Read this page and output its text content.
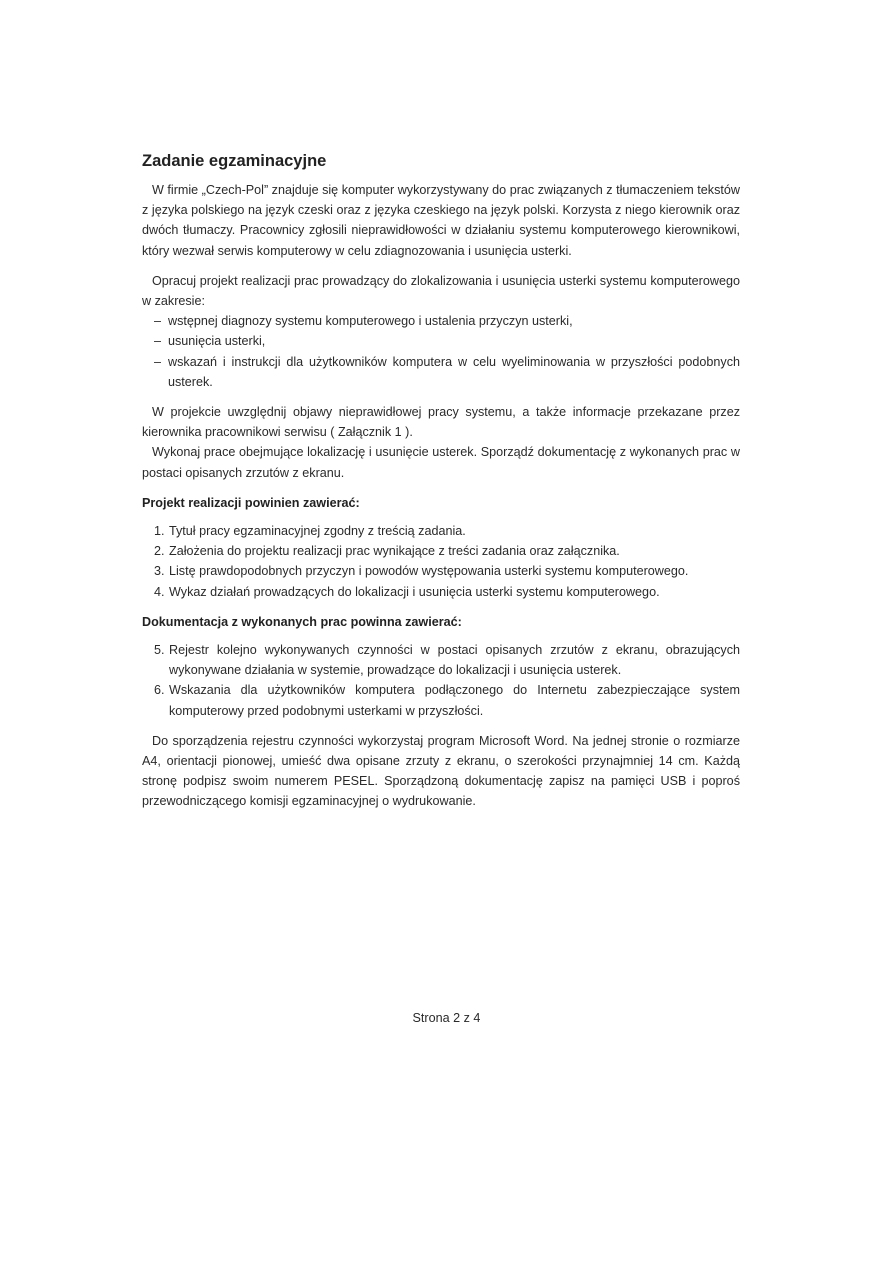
Zadanie egzaminacyjne

W firmie „Czech-Pol” znajduje się komputer wykorzystywany do prac związanych z tłumaczeniem tekstów z języka polskiego na język czeski oraz z języka czeskiego na język polski. Korzysta z niego kierownik oraz dwóch tłumaczy. Pracownicy zgłosili nieprawidłowości w działaniu systemu komputerowego kierownikowi, który wezwał serwis komputerowy w celu zdiagnozowania i usunięcia usterki.

Opracuj projekt realizacji prac prowadzący do zlokalizowania i usunięcia usterki systemu komputerowego w zakresie:

– wstępnej diagnozy systemu komputerowego i ustalenia przyczyn usterki,
– usunięcia usterki,
– wskazań i instrukcji dla użytkowników komputera w celu wyeliminowania w przyszłości podobnych usterek.

W projekcie uwzględnij objawy nieprawidłowej pracy systemu, a także informacje przekazane przez kierownika pracownikowi serwisu ( Załącznik 1 ).

Wykonaj prace obejmujące lokalizację i usunięcie usterek. Sporządź dokumentację z wykonanych prac w postaci opisanych zrzutów z ekranu.

Projekt realizacji powinien zawierać:

1. Tytuł pracy egzaminacyjnej zgodny z treścią zadania.
2. Założenia do projektu realizacji prac wynikające z treści zadania oraz załącznika.
3. Listę prawdopodobnych przyczyn i powodów występowania usterki systemu komputerowego.
4. Wykaz działań prowadzących do lokalizacji i usunięcia usterki systemu komputerowego.

Dokumentacja z wykonanych prac powinna zawierać:

5. Rejestr kolejno wykonywanych czynności w postaci opisanych zrzutów z ekranu, obrazujących wykonywane działania w systemie, prowadzące do lokalizacji i usunięcia usterek.
6. Wskazania dla użytkowników komputera podłączonego do Internetu zabezpieczające system komputerowy przed podobnymi usterkami w przyszłości.

Do sporządzenia rejestru czynności wykorzystaj program Microsoft Word. Na jednej stronie o rozmiarze A4, orientacji pionowej, umieść dwa opisane zrzuty z ekranu, o szerokości przynajmniej 14 cm. Każdą stronę podpisz swoim numerem PESEL. Sporządzoną dokumentację zapisz na pamięci USB i poproś przewodniczącego komisji egzaminacyjnej o wydrukowanie.

Strona 2 z 4
